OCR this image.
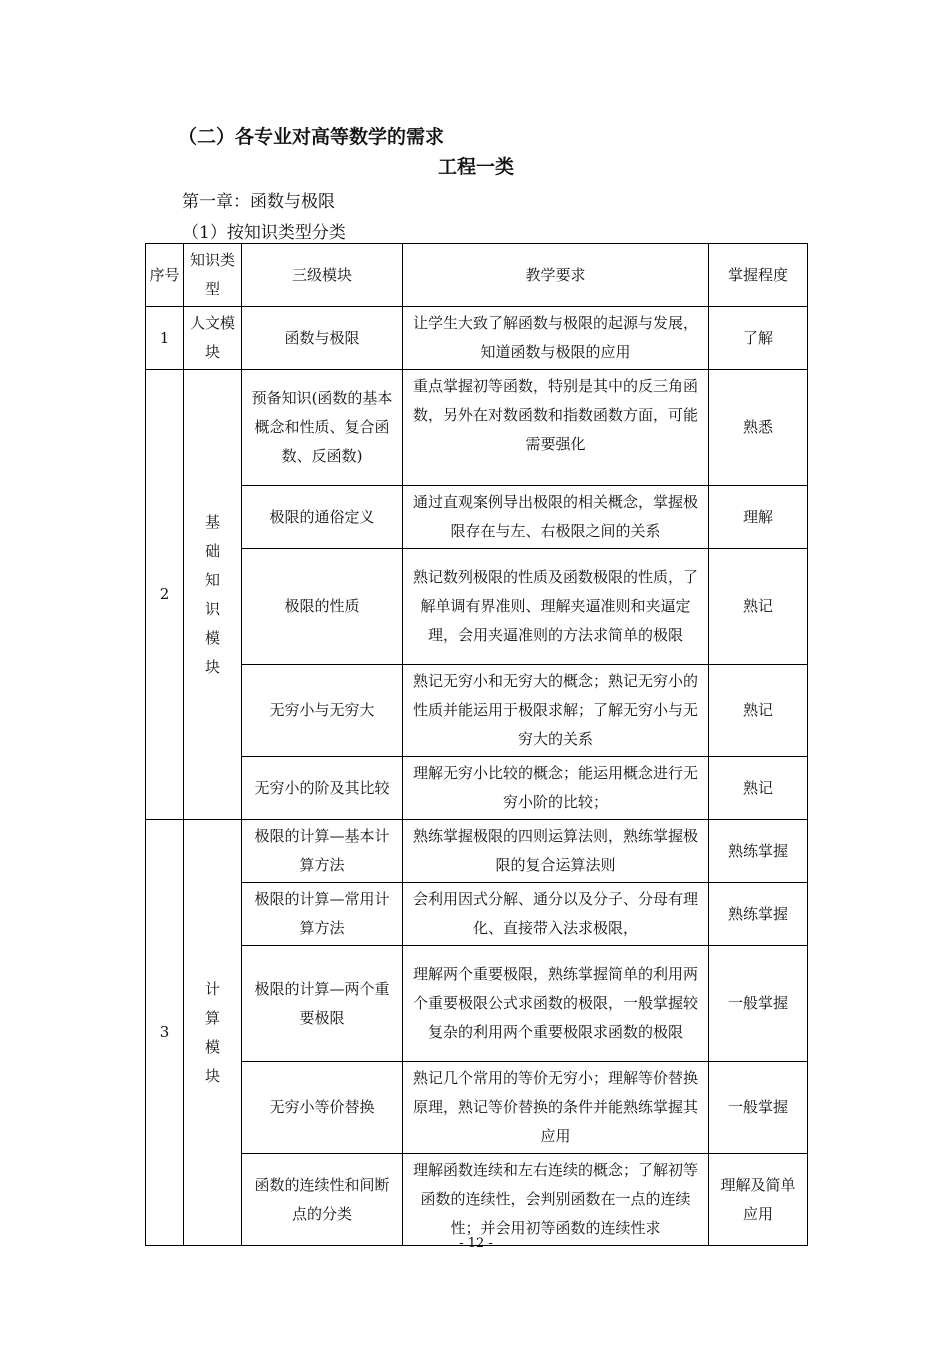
（二）各专业对高等数学的需求
工程一类
第一章：函数与极限
（1）按知识类型分类
序号	知识类型	三级模块	教学要求	掌握程度
1	人文模块	函数与极限	让学生大致了解函数与极限的起源与发展，知道函数与极限的应用	了解
2	基础知识模块	预备知识(函数的基本概念和性质、复合函数、反函数)	重点掌握初等函数，特别是其中的反三角函数，另外在对数函数和指数函数方面，可能需要强化	熟悉
		极限的通俗定义	通过直观案例导出极限的相关概念，掌握极限存在与左、右极限之间的关系	理解
		极限的性质	熟记数列极限的性质及函数极限的性质，了解单调有界准则、理解夹逼准则和夹逼定理，会用夹逼准则的方法求简单的极限	熟记
		无穷小与无穷大	熟记无穷小和无穷大的概念；熟记无穷小的性质并能运用于极限求解；了解无穷小与无穷大的关系	熟记
		无穷小的阶及其比较	理解无穷小比较的概念；能运用概念进行无穷小阶的比较；	熟记
3	计算模块	极限的计算—基本计算方法	熟练掌握极限的四则运算法则，熟练掌握极限的复合运算法则	熟练掌握
		极限的计算—常用计算方法	会利用因式分解、通分以及分子、分母有理化、直接带入法求极限，	熟练掌握
		极限的计算—两个重要极限	理解两个重要极限，熟练掌握简单的利用两个重要极限公式求函数的极限，一般掌握较复杂的利用两个重要极限求函数的极限	一般掌握
		无穷小等价替换	熟记几个常用的等价无穷小；理解等价替换原理，熟记等价替换的条件并能熟练掌握其应用	一般掌握
		函数的连续性和间断点的分类	理解函数连续和左右连续的概念；了解初等函数的连续性，会判别函数在一点的连续性；并会用初等函数的连续性求	理解及简单应用
- 12 -
